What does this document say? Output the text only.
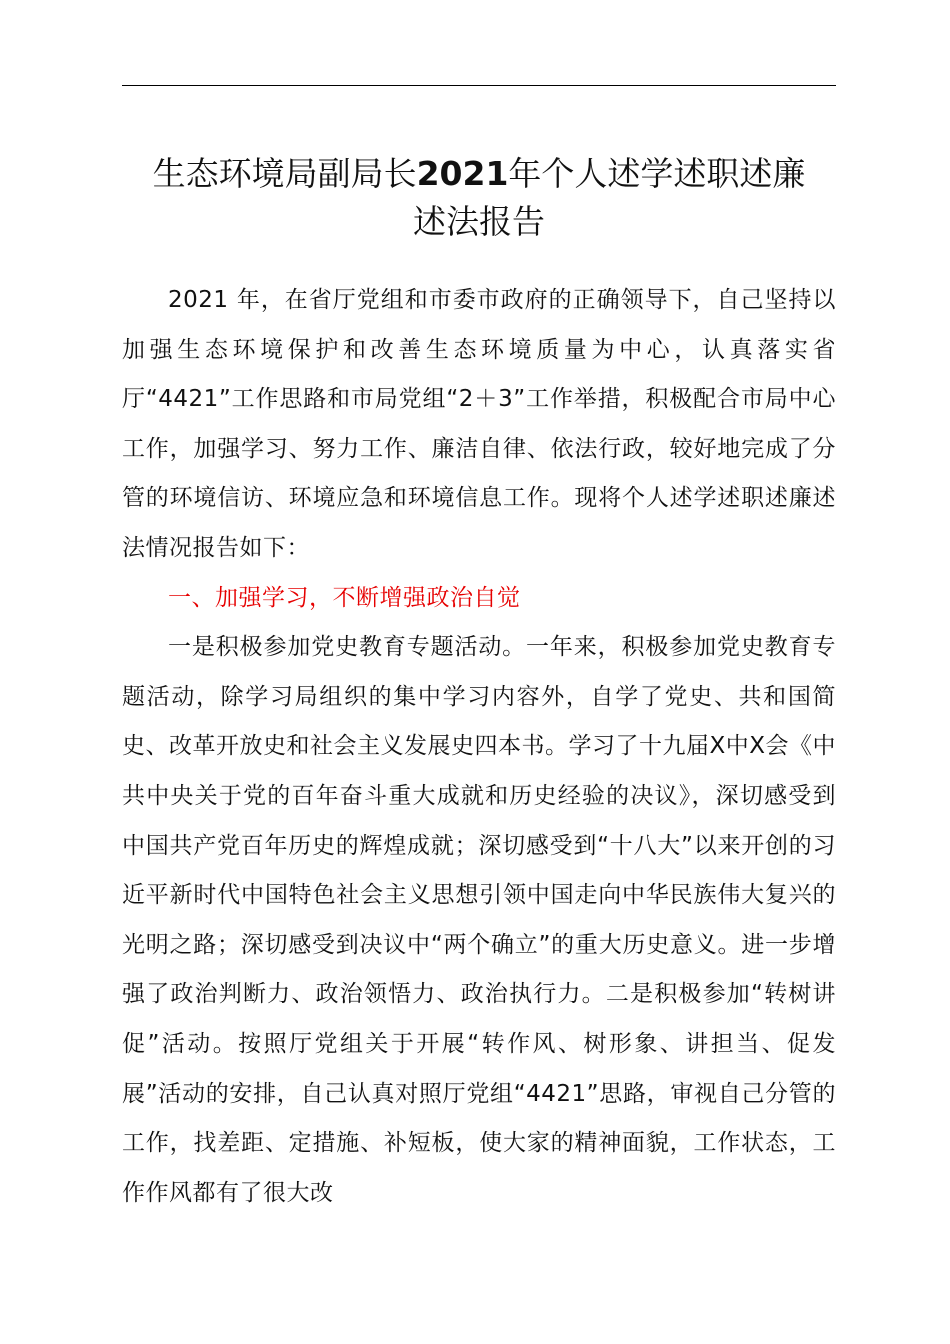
生态环境局副局长2021年个人述学述职述廉
述法报告

2021 年，在省厅党组和市委市政府的正确领导下，自己坚持以加强生态环境保护和改善生态环境质量为中心，认真落实省厅“4421”工作思路和市局党组“2＋3”工作举措，积极配合市局中心工作，加强学习、努力工作、廉洁自律、依法行政，较好地完成了分管的环境信访、环境应急和环境信息工作。现将个人述学述职述廉述法情况报告如下：

一、加强学习，不断增强政治自觉

一是积极参加党史教育专题活动。一年来，积极参加党史教育专题活动，除学习局组织的集中学习内容外，自学了党史、共和国简史、改革开放史和社会主义发展史四本书。学习了十九届X中X会《中共中央关于党的百年奋斗重大成就和历史经验的决议》，深切感受到中国共产党百年历史的辉煌成就；深切感受到“十八大”以来开创的习近平新时代中国特色社会主义思想引领中国走向中华民族伟大复兴的光明之路；深切感受到决议中“两个确立”的重大历史意义。进一步增强了政治判断力、政治领悟力、政治执行力。二是积极参加“转树讲促”活动。按照厅党组关于开展“转作风、树形象、讲担当、促发展”活动的安排，自己认真对照厅党组“4421”思路，审视自己分管的工作，找差距、定措施、补短板，使大家的精神面貌，工作状态，工作作风都有了很大改
